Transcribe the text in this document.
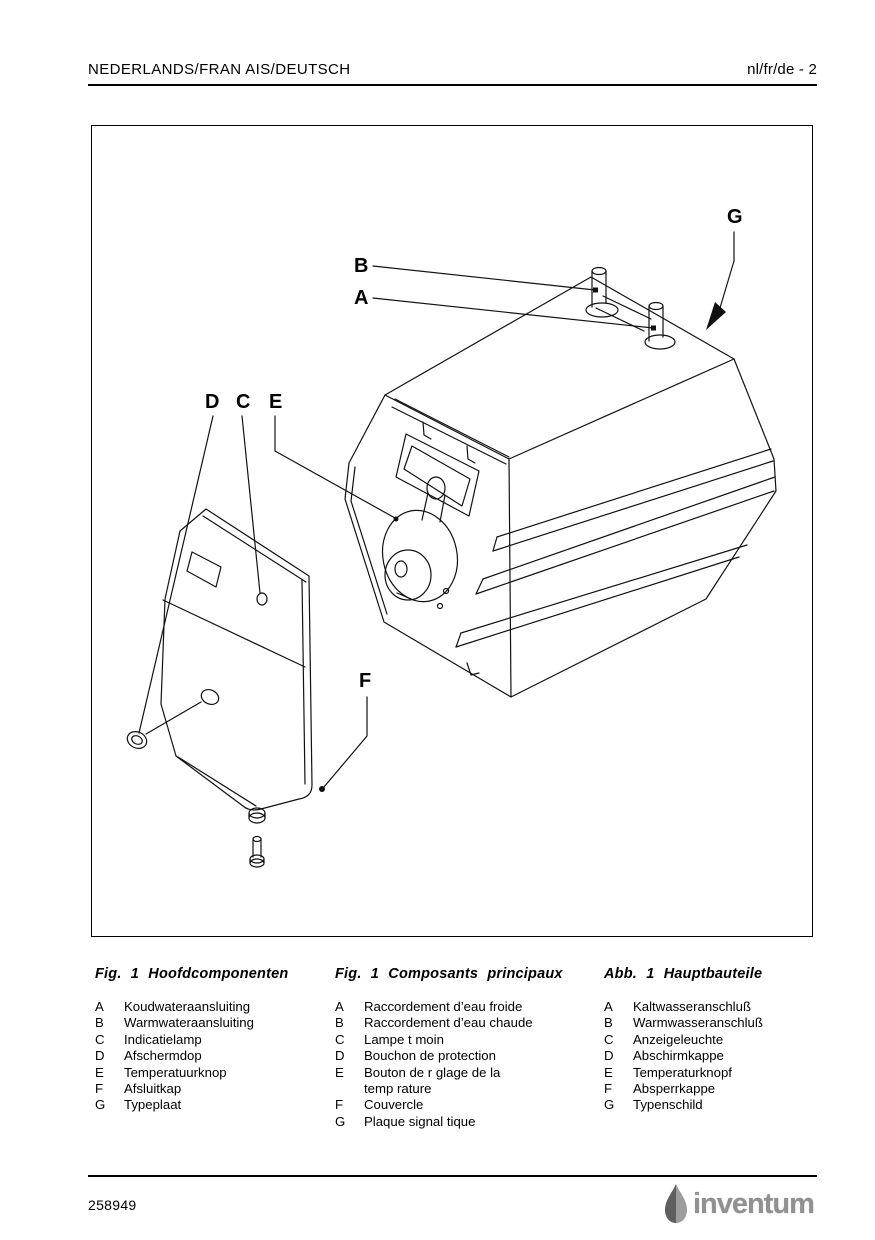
NEDERLANDS/FRAN AIS/DEUTSCH	nl/fr/de - 2
B
A
G
D C E
F
Fig. 1 Hoofdcomponenten
A	Koudwateraansluiting
B	Warmwateraansluiting
C	Indicatielamp
D	Afschermdop
E	Temperatuurknop
F	Afsluitkap
G	Typeplaat
Fig. 1 Composants principaux
A	Raccordement d’eau froide
B	Raccordement d’eau chaude
C	Lampe t moin
D	Bouchon de protection
E	Bouton de r glage de la
temp rature
F	Couvercle
G	Plaque signal tique
Abb. 1 Hauptbauteile
A	Kaltwasseranschluß
B	Warmwasseranschluß
C	Anzeigeleuchte
D	Abschirmkappe
E	Temperaturknopf
F	Absperrkappe
G	Typenschild
258949	inventum
